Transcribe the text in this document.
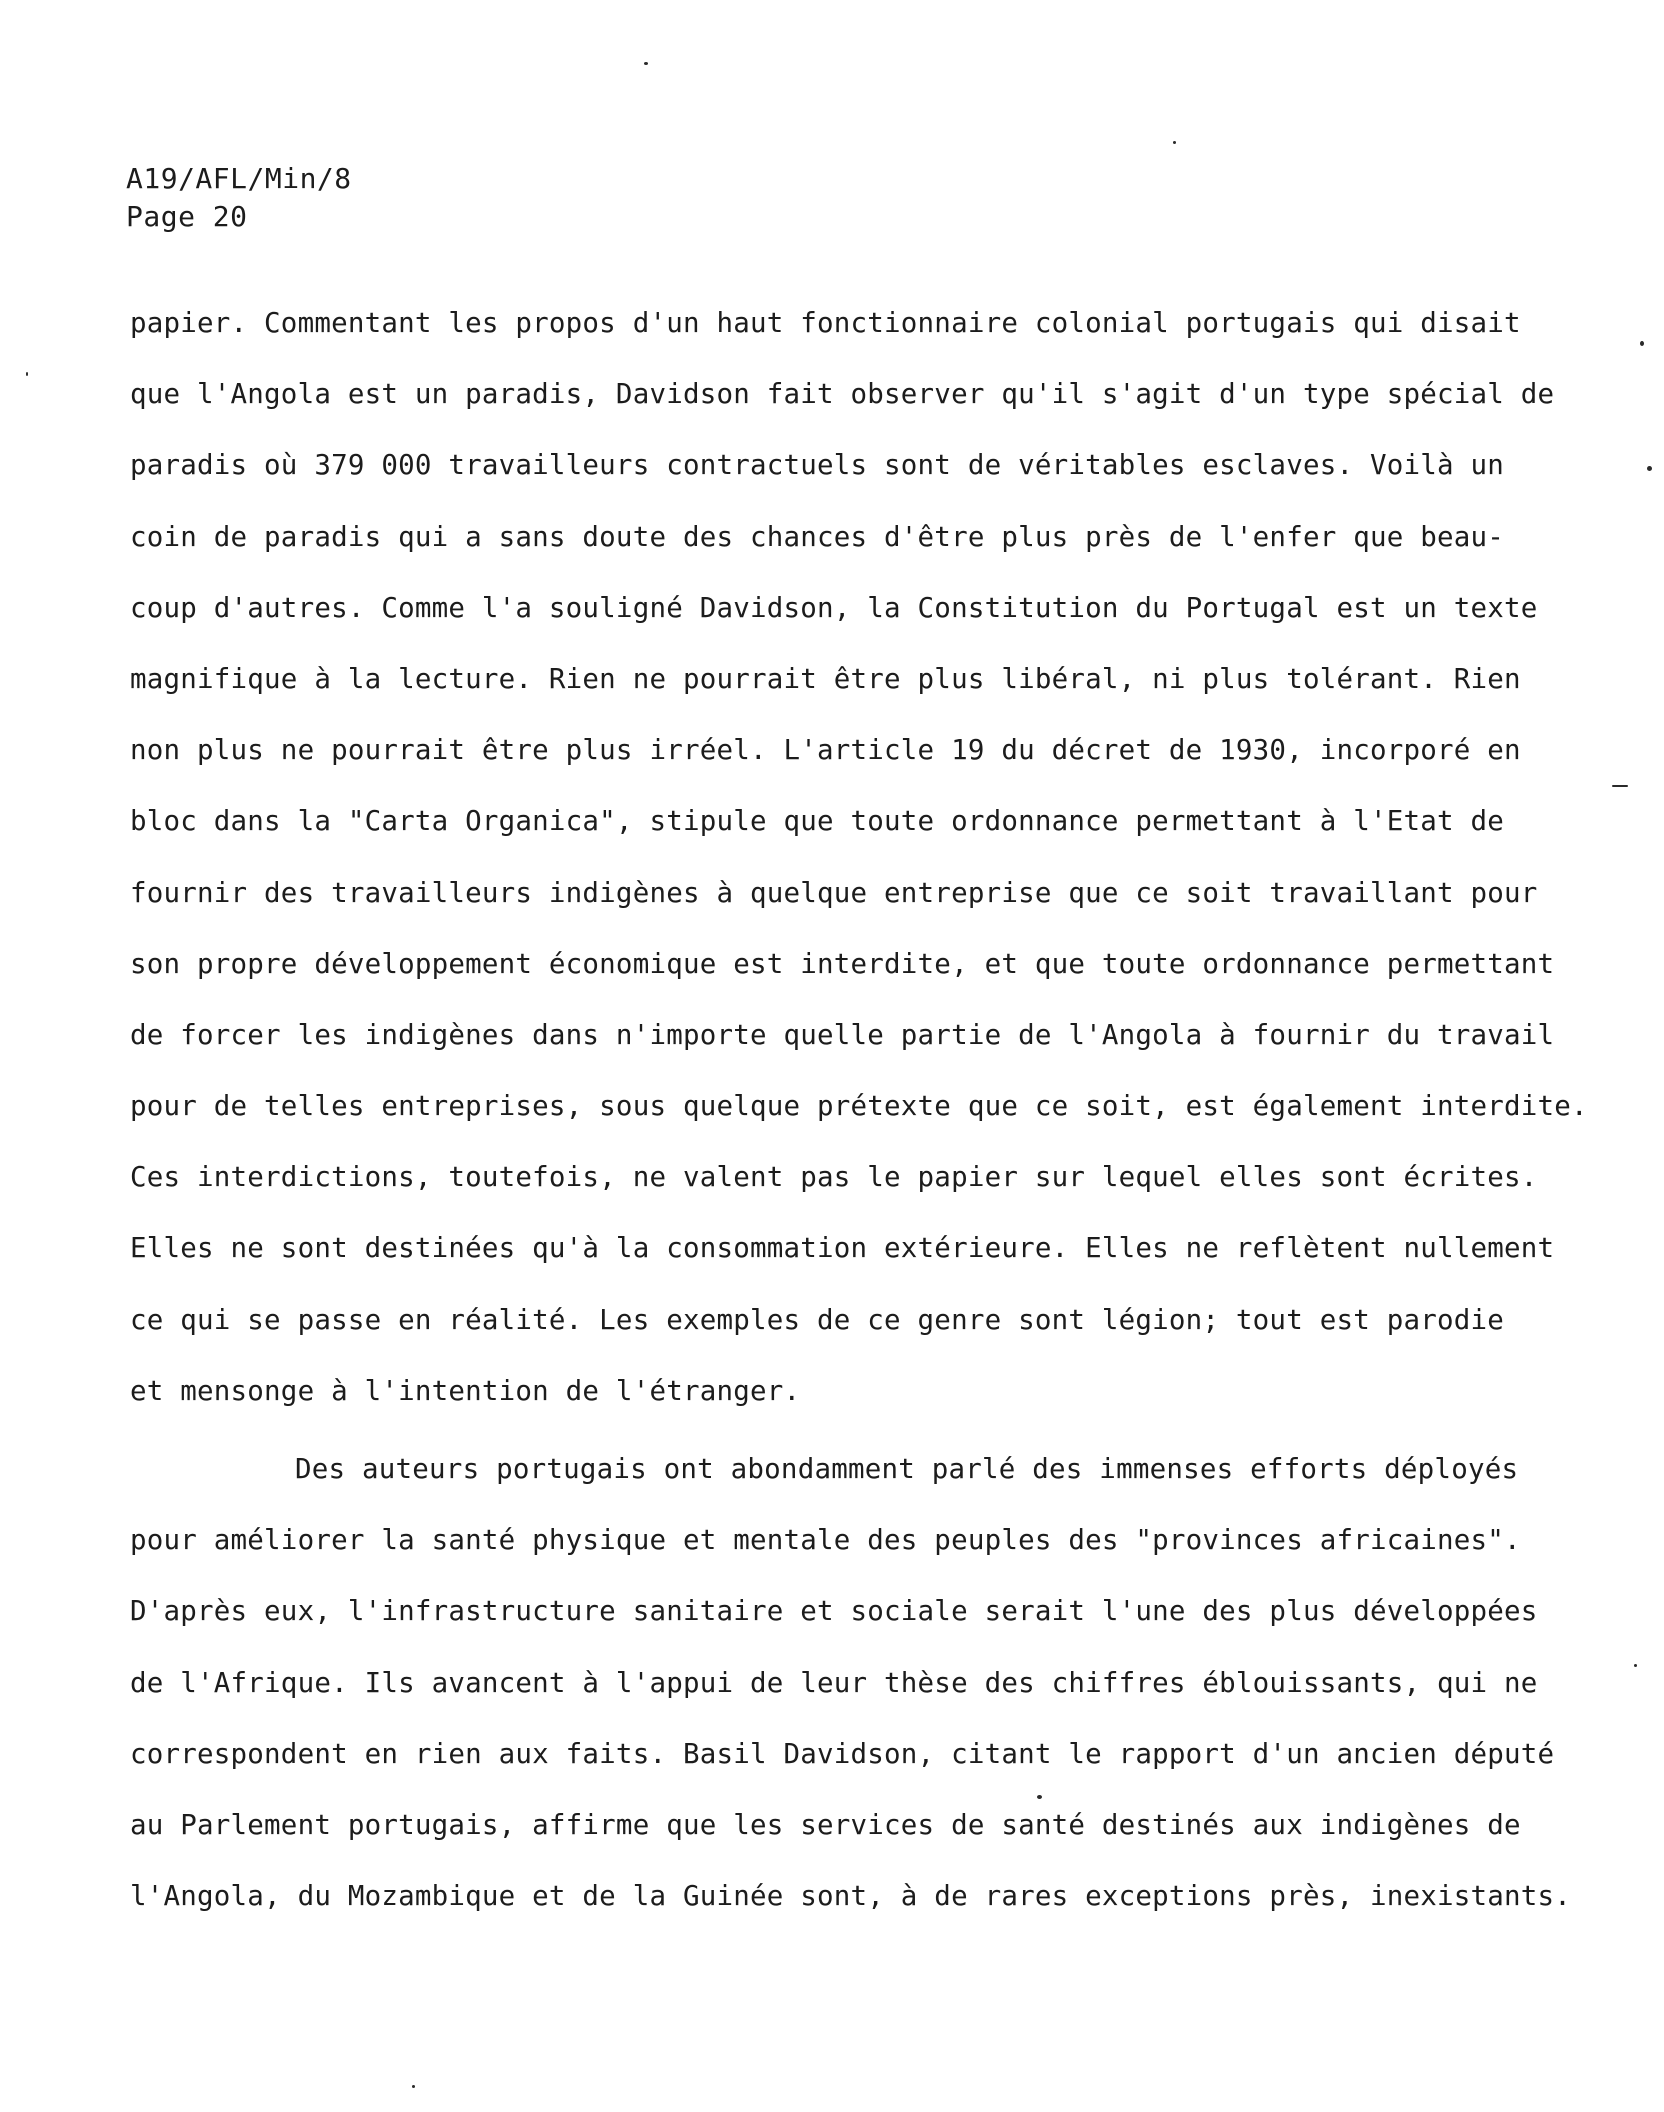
A19/AFL/Min/8
Page 20
papier. Commentant les propos d'un haut fonctionnaire colonial portugais qui disait
que l'Angola est un paradis, Davidson fait observer qu'il s'agit d'un type spécial de
paradis où 379 000 travailleurs contractuels sont de véritables esclaves. Voilà un
coin de paradis qui a sans doute des chances d'être plus près de l'enfer que beau-
coup d'autres. Comme l'a souligné Davidson, la Constitution du Portugal est un texte
magnifique à la lecture. Rien ne pourrait être plus libéral, ni plus tolérant. Rien
non plus ne pourrait être plus irréel. L'article 19 du décret de 1930, incorporé en
bloc dans la "Carta Organica", stipule que toute ordonnance permettant à l'Etat de
fournir des travailleurs indigènes à quelque entreprise que ce soit travaillant pour
son propre développement économique est interdite, et que toute ordonnance permettant
de forcer les indigènes dans n'importe quelle partie de l'Angola à fournir du travail
pour de telles entreprises, sous quelque prétexte que ce soit, est également interdite.
Ces interdictions, toutefois, ne valent pas le papier sur lequel elles sont écrites.
Elles ne sont destinées qu'à la consommation extérieure. Elles ne reflètent nullement
ce qui se passe en réalité. Les exemples de ce genre sont légion; tout est parodie
et mensonge à l'intention de l'étranger.
Des auteurs portugais ont abondamment parlé des immenses efforts déployés
pour améliorer la santé physique et mentale des peuples des "provinces africaines".
D'après eux, l'infrastructure sanitaire et sociale serait l'une des plus développées
de l'Afrique. Ils avancent à l'appui de leur thèse des chiffres éblouissants, qui ne
correspondent en rien aux faits. Basil Davidson, citant le rapport d'un ancien député
au Parlement portugais, affirme que les services de santé destinés aux indigènes de
l'Angola, du Mozambique et de la Guinée sont, à de rares exceptions près, inexistants.
